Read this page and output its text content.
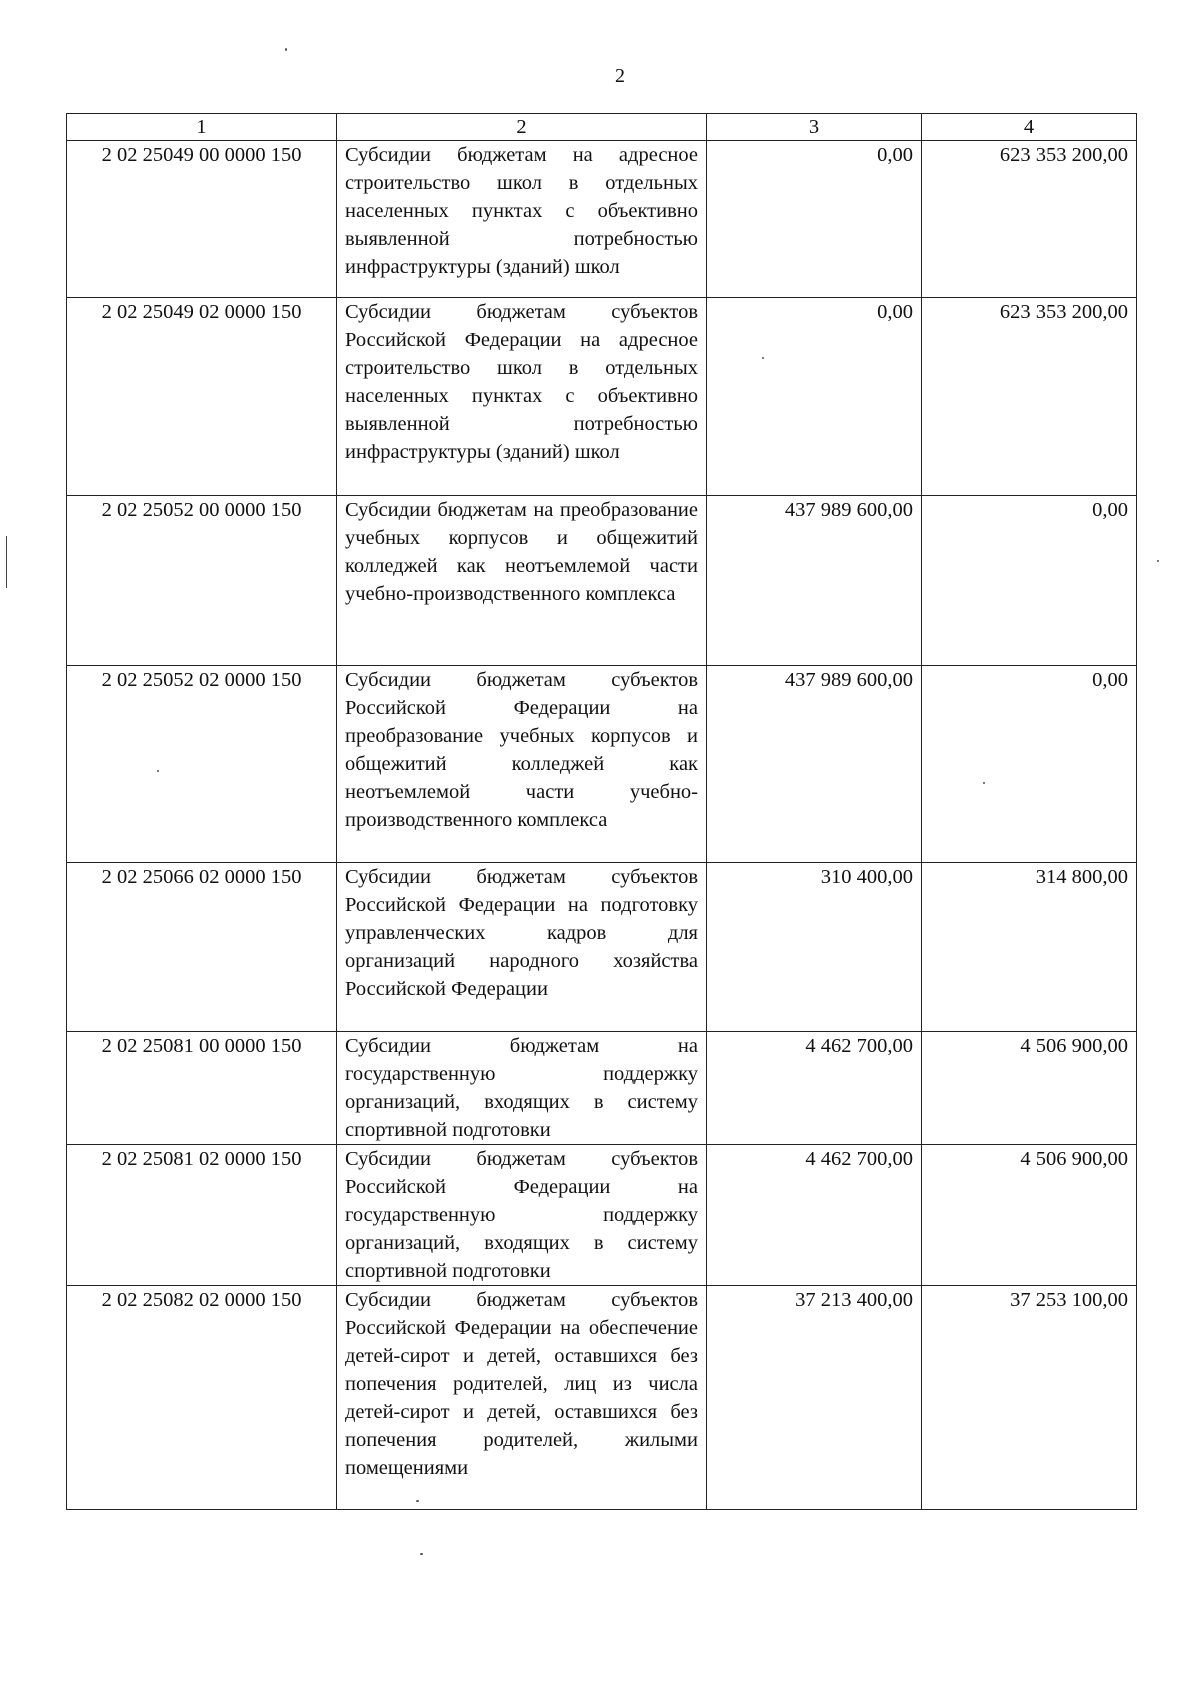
2
1	2	3	4
2 02 25049 00 0000 150	Субсидии бюджетам на адресное строительство школ в отдельных населенных пунктах с объективно выявленной потребностью инфраструктуры (зданий) школ	0,00	623 353 200,00
2 02 25049 02 0000 150	Субсидии бюджетам субъектов Российской Федерации на адресное строительство школ в отдельных населенных пунктах с объективно выявленной потребностью инфраструктуры (зданий) школ	0,00	623 353 200,00
2 02 25052 00 0000 150	Субсидии бюджетам на преобразование учебных корпусов и общежитий колледжей как неотъемлемой части учебно-производственного комплекса	437 989 600,00	0,00
2 02 25052 02 0000 150	Субсидии бюджетам субъектов Российской Федерации на преобразование учебных корпусов и общежитий колледжей как неотъемлемой части учебно-производственного комплекса	437 989 600,00	0,00
2 02 25066 02 0000 150	Субсидии бюджетам субъектов Российской Федерации на подготовку управленческих кадров для организаций народного хозяйства Российской Федерации	310 400,00	314 800,00
2 02 25081 00 0000 150	Субсидии бюджетам на государственную поддержку организаций, входящих в систему спортивной подготовки	4 462 700,00	4 506 900,00
2 02 25081 02 0000 150	Субсидии бюджетам субъектов Российской Федерации на государственную поддержку организаций, входящих в систему спортивной подготовки	4 462 700,00	4 506 900,00
2 02 25082 02 0000 150	Субсидии бюджетам субъектов Российской Федерации на обеспечение детей-сирот и детей, оставшихся без попечения родителей, лиц из числа детей-сирот и детей, оставшихся без попечения родителей, жилыми помещениями	37 213 400,00	37 253 100,00
